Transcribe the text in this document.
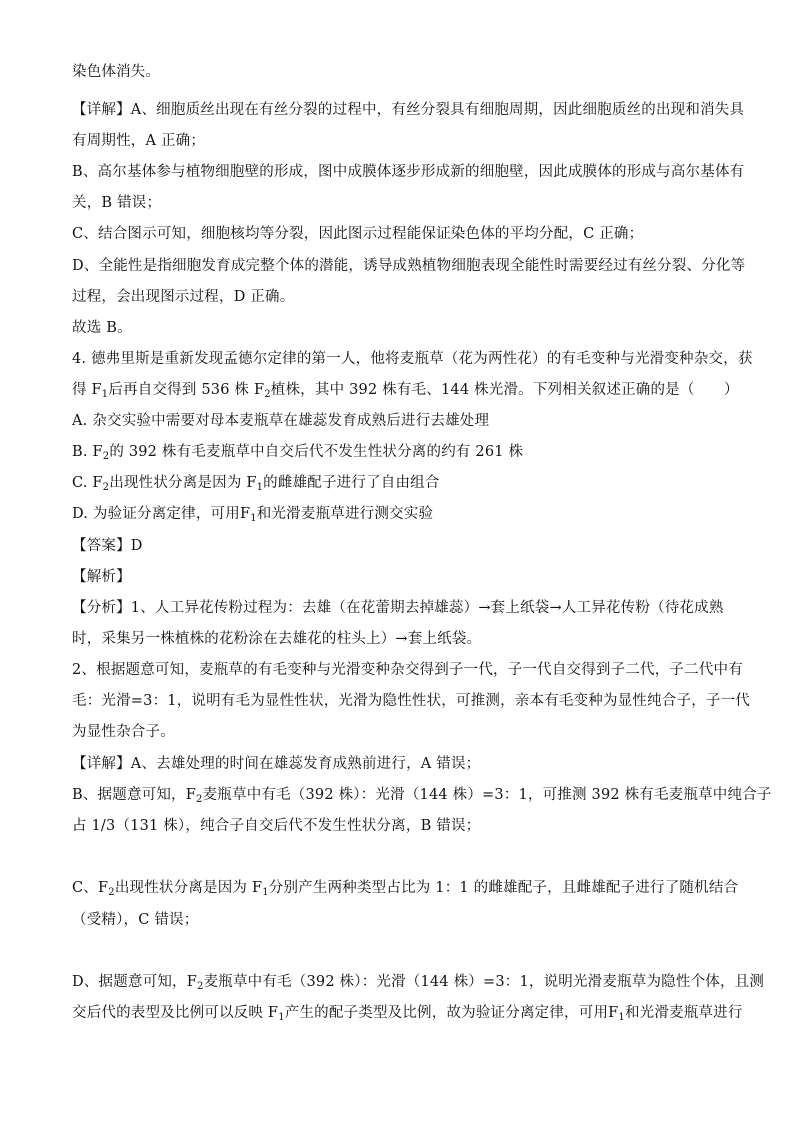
染色体消失。
【详解】A、细胞质丝出现在有丝分裂的过程中，有丝分裂具有细胞周期，因此细胞质丝的出现和消失具
有周期性，A 正确；
B、高尔基体参与植物细胞壁的形成，图中成膜体逐步形成新的细胞壁，因此成膜体的形成与高尔基体有
关，B 错误；
C、结合图示可知，细胞核均等分裂，因此图示过程能保证染色体的平均分配，C 正确；
D、全能性是指细胞发育成完整个体的潜能，诱导成熟植物细胞表现全能性时需要经过有丝分裂、分化等
过程，会出现图示过程，D 正确。
故选 B。
4. 德弗里斯是重新发现孟德尔定律的第一人，他将麦瓶草（花为两性花）的有毛变种与光滑变种杂交，获
得 $F_1$后再自交得到 536 株 $F_2$植株，其中 392 株有毛、144 株光滑。下列相关叙述正确的是（　　）
A. 杂交实验中需要对母本麦瓶草在雄蕊发育成熟后进行去雄处理
B. $F_2$的 392 株有毛麦瓶草中自交后代不发生性状分离的约有 261 株
C. $F_2$出现性状分离是因为 $F_1$的雌雄配子进行了自由组合
D. 为验证分离定律，可用$F_1$和光滑麦瓶草进行测交实验
【答案】D
【解析】
【分析】1、人工异花传粉过程为：去雄（在花蕾期去掉雄蕊）→套上纸袋→人工异花传粉（待花成熟
时，采集另一株植株的花粉涂在去雄花的柱头上）→套上纸袋。
2、根据题意可知，麦瓶草的有毛变种与光滑变种杂交得到子一代，子一代自交得到子二代，子二代中有
毛：光滑=3：1，说明有毛为显性性状，光滑为隐性性状，可推测，亲本有毛变种为显性纯合子，子一代
为显性杂合子。
【详解】A、去雄处理的时间在雄蕊发育成熟前进行，A 错误；
B、据题意可知，$F_2$麦瓶草中有毛（392 株）：光滑（144 株）=3：1，可推测 392 株有毛麦瓶草中纯合子
占 1/3（131 株），纯合子自交后代不发生性状分离，B 错误；
C、$F_2$出现性状分离是因为 $F_1$分别产生两种类型占比为 1：1 的雌雄配子，且雌雄配子进行了随机结合
（受精），C 错误；
D、据题意可知，$F_2$麦瓶草中有毛（392 株）：光滑（144 株）=3：1，说明光滑麦瓶草为隐性个体，且测
交后代的表型及比例可以反映 $F_1$产生的配子类型及比例，故为验证分离定律，可用$F_1$和光滑麦瓶草进行
